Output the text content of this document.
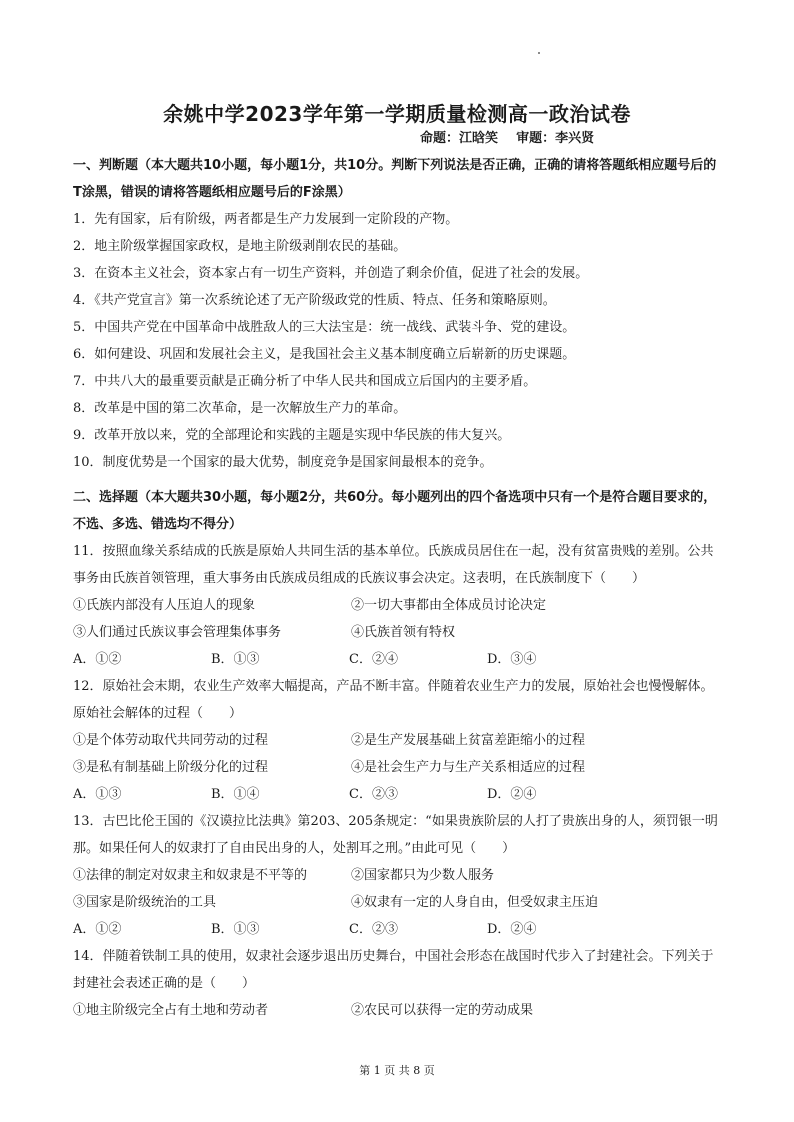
余姚中学2023学年第一学期质量检测高一政治试卷
命题：江晗笑    审题：李兴贤
一、判断题（本大题共10小题，每小题1分，共10分。判断下列说法是否正确，正确的请将答题纸相应题号后的T涂黑，错误的请将答题纸相应题号后的F涂黑）
1．先有国家，后有阶级，两者都是生产力发展到一定阶段的产物。
2．地主阶级掌握国家政权，是地主阶级剥削农民的基础。
3．在资本主义社会，资本家占有一切生产资料，并创造了剩余价值，促进了社会的发展。
4．《共产党宣言》第一次系统论述了无产阶级政党的性质、特点、任务和策略原则。
5．中国共产党在中国革命中战胜敌人的三大法宝是：统一战线、武装斗争、党的建设。
6．如何建设、巩固和发展社会主义，是我国社会主义基本制度确立后崭新的历史课题。
7．中共八大的最重要贡献是正确分析了中华人民共和国成立后国内的主要矛盾。
8．改革是中国的第二次革命，是一次解放生产力的革命。
9．改革开放以来，党的全部理论和实践的主题是实现中华民族的伟大复兴。
10．制度优势是一个国家的最大优势，制度竞争是国家间最根本的竞争。
二、选择题（本大题共30小题，每小题2分，共60分。每小题列出的四个备选项中只有一个是符合题目要求的，不选、多选、错选均不得分）
11．按照血缘关系结成的氏族是原始人共同生活的基本单位。氏族成员居住在一起，没有贫富贵贱的差别。公共事务由氏族首领管理，重大事务由氏族成员组成的氏族议事会决定。这表明，在氏族制度下（　　）
①氏族内部没有人压迫人的现象	②一切大事都由全体成员讨论决定
③人们通过氏族议事会管理集体事务	④氏族首领有特权
A．①②	B．①③	C．②④	D．③④
12．原始社会末期，农业生产效率大幅提高，产品不断丰富。伴随着农业生产力的发展，原始社会也慢慢解体。原始社会解体的过程（　　）
①是个体劳动取代共同劳动的过程	②是生产发展基础上贫富差距缩小的过程
③是私有制基础上阶级分化的过程	④是社会生产力与生产关系相适应的过程
A．①③	B．①④	C．②③	D．②④
13．古巴比伦王国的《汉谟拉比法典》第203、205条规定：“如果贵族阶层的人打了贵族出身的人，须罚银一明那。如果任何人的奴隶打了自由民出身的人，处割耳之刑。”由此可见（　　）
①法律的制定对奴隶主和奴隶是不平等的	②国家都只为少数人服务
③国家是阶级统治的工具	④奴隶有一定的人身自由，但受奴隶主压迫
A．①②	B．①③	C．②③	D．②④
14．伴随着铁制工具的使用，奴隶社会逐步退出历史舞台，中国社会形态在战国时代步入了封建社会。下列关于封建社会表述正确的是（　　）
①地主阶级完全占有土地和劳动者	②农民可以获得一定的劳动成果
第 1 页 共 8 页
